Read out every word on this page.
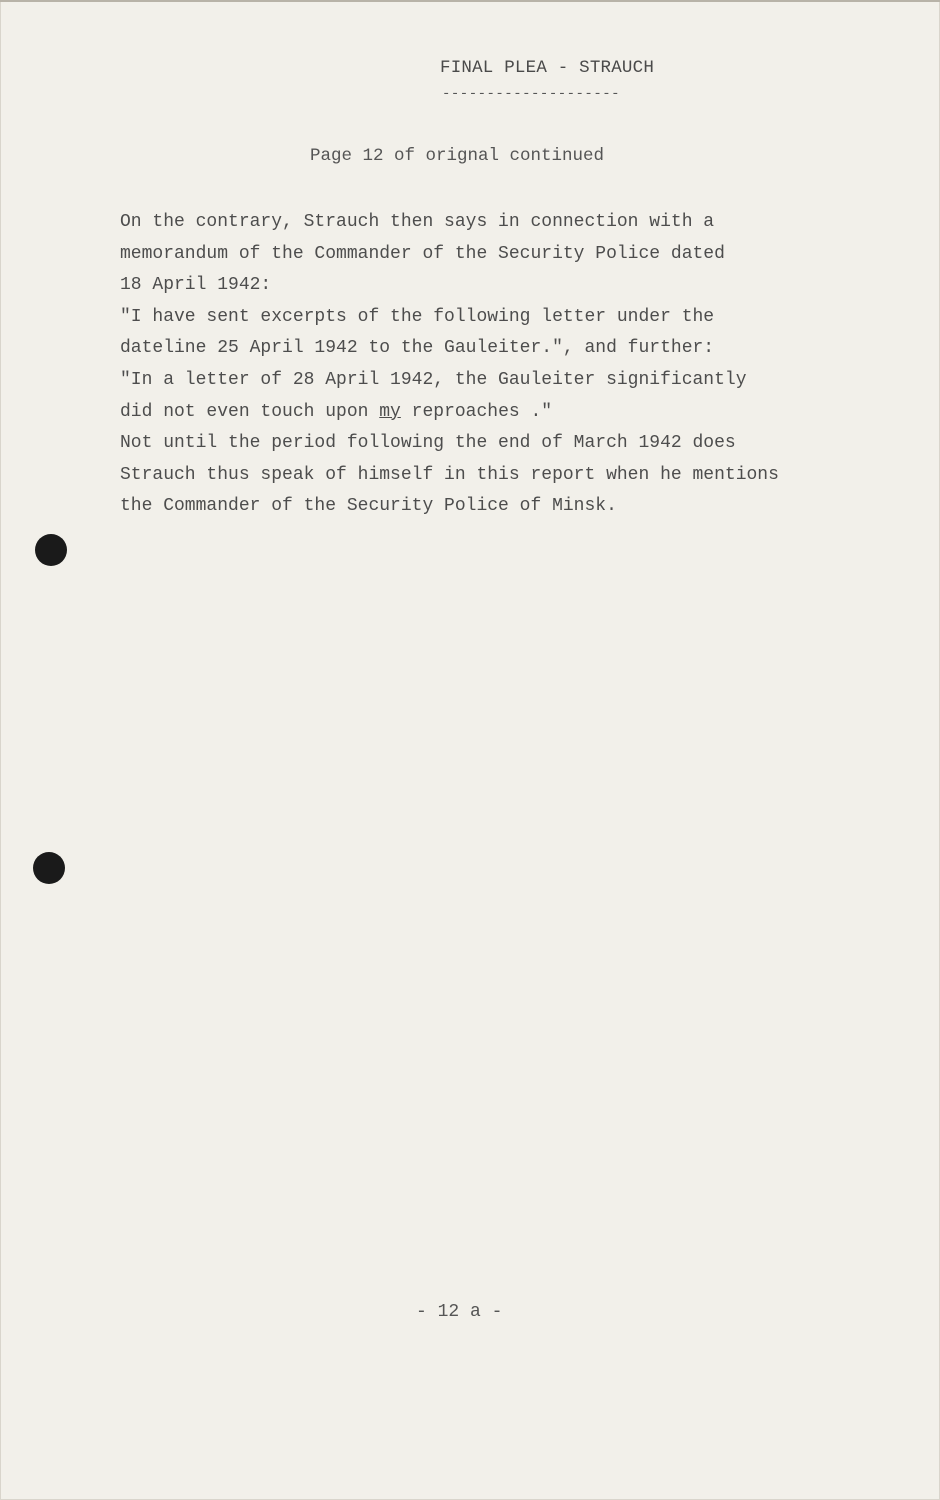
FINAL PLEA - STRAUCH
--------------------
Page 12 of orignal continued
On the contrary, Strauch then says in connection with a
memorandum of the Commander of the Security Police dated
18 April 1942:
"I have sent excerpts of the following letter under the
dateline 25 April 1942 to the Gauleiter.", and further:
"In a letter of 28 April 1942, the Gauleiter significantly
did not even touch upon my reproaches ."
Not until the period following the end of March 1942 does
Strauch thus speak of himself in this report when he mentions
the Commander of the Security Police of Minsk.
- 12 a -
